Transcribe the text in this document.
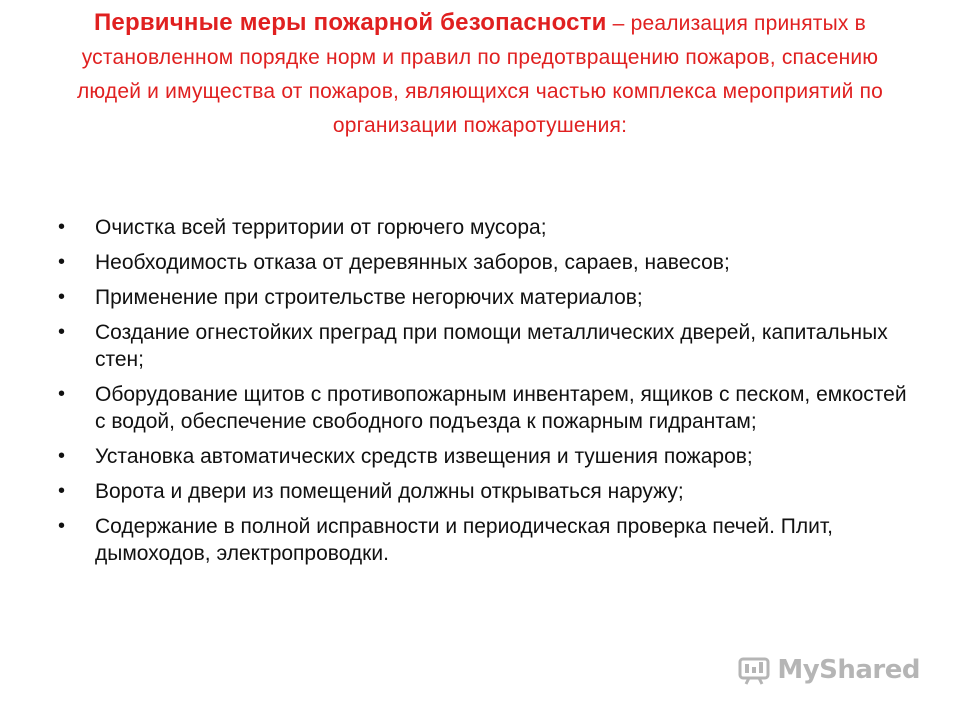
Первичные меры пожарной безопасности – реализация принятых в установленном порядке норм и правил по предотвращению пожаров, спасению людей и имущества от пожаров, являющихся частью комплекса мероприятий по организации пожаротушения:
• Очистка всей территории от горючего мусора;
• Необходимость отказа от деревянных заборов, сараев, навесов;
• Применение при строительстве негорючих материалов;
• Создание огнестойких преград при помощи металлических дверей, капитальных стен;
• Оборудование щитов с противопожарным инвентарем, ящиков с песком, емкостей с водой, обеспечение свободного подъезда к пожарным гидрантам;
• Установка автоматических средств извещения и тушения пожаров;
• Ворота и двери из помещений должны открываться наружу;
• Содержание в полной исправности и периодическая проверка печей. Плит, дымоходов, электропроводки.
MyShared
